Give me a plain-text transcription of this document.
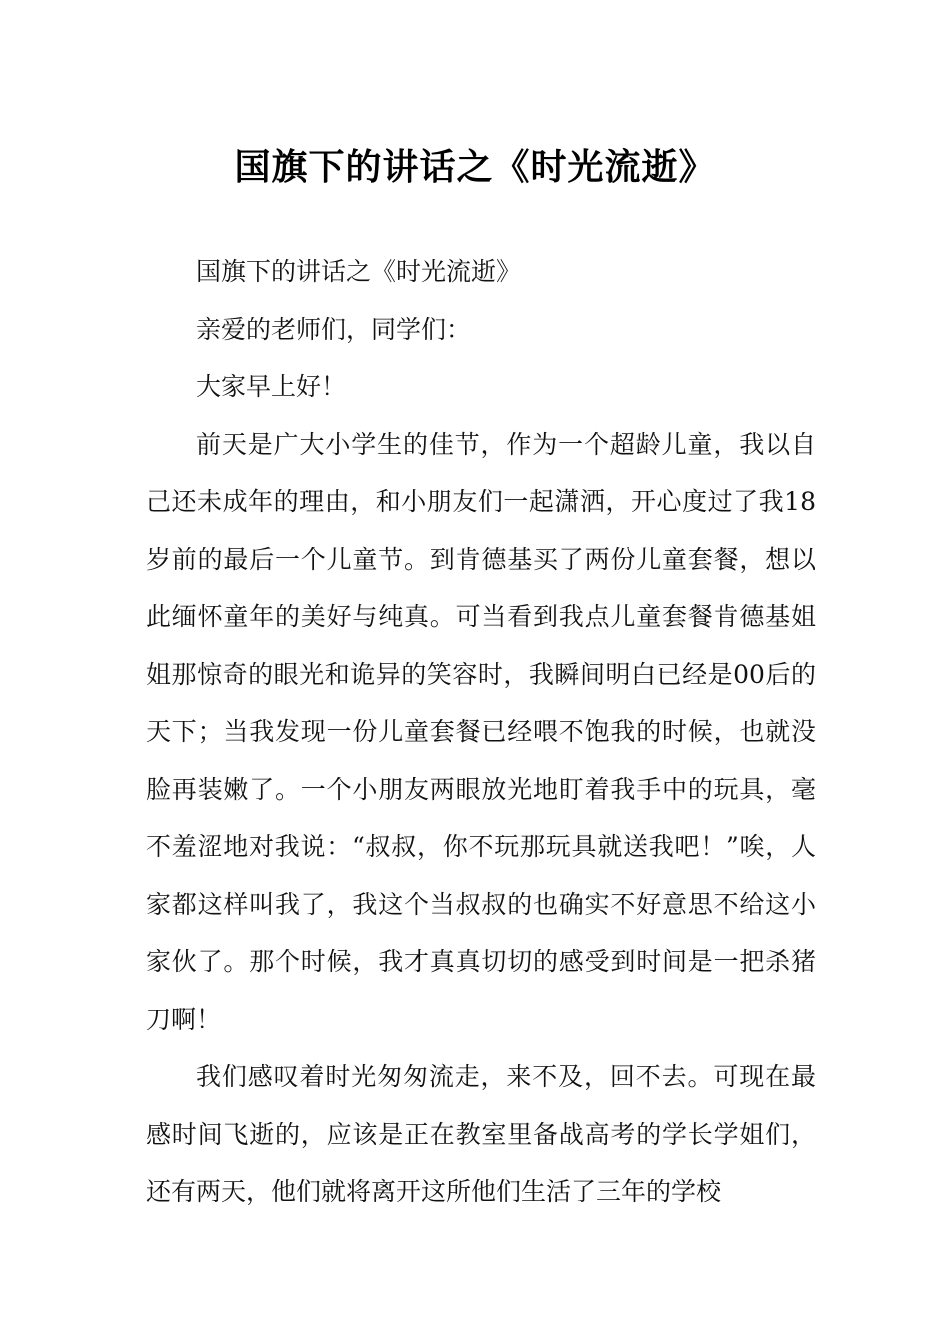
国旗下的讲话之《时光流逝》

国旗下的讲话之《时光流逝》

亲爱的老师们，同学们：

大家早上好！

前天是广大小学生的佳节，作为一个超龄儿童，我以自己还未成年的理由，和小朋友们一起潇洒，开心度过了我18岁前的最后一个儿童节。到肯德基买了两份儿童套餐，想以此缅怀童年的美好与纯真。可当看到我点儿童套餐肯德基姐姐那惊奇的眼光和诡异的笑容时，我瞬间明白已经是00后的天下；当我发现一份儿童套餐已经喂不饱我的时候，也就没脸再装嫩了。一个小朋友两眼放光地盯着我手中的玩具，毫不羞涩地对我说：“叔叔，你不玩那玩具就送我吧！”唉，人家都这样叫我了，我这个当叔叔的也确实不好意思不给这小家伙了。那个时候，我才真真切切的感受到时间是一把杀猪刀啊！

我们感叹着时光匆匆流走，来不及，回不去。可现在最感时间飞逝的，应该是正在教室里备战高考的学长学姐们，还有两天，他们就将离开这所他们生活了三年的学校
